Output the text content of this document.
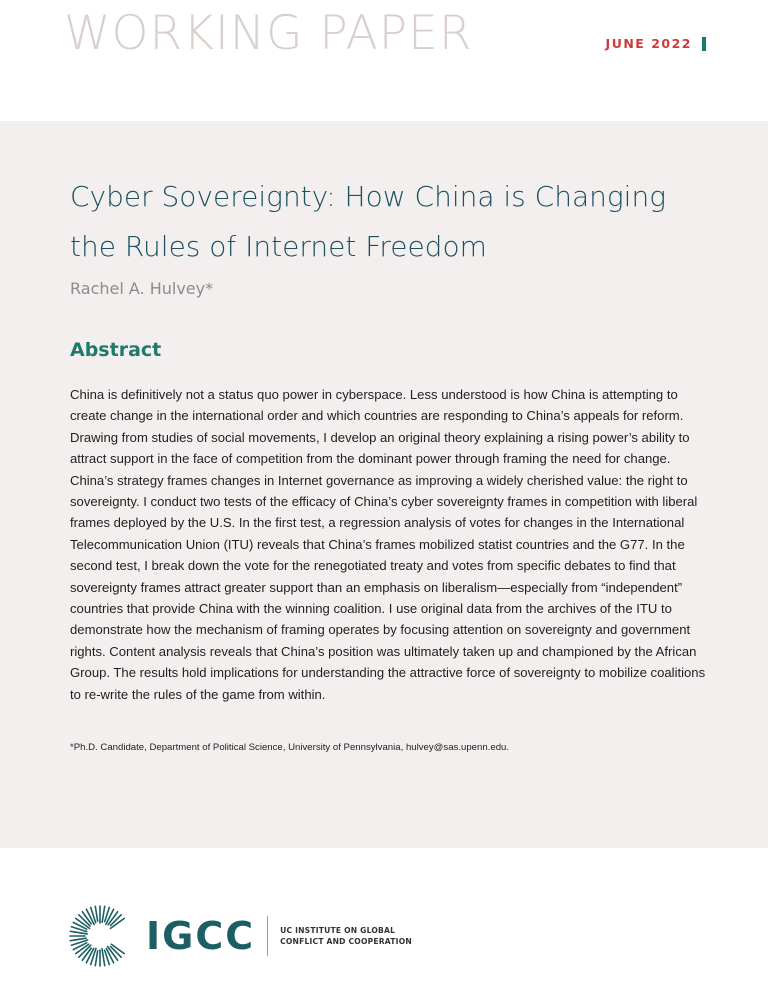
WORKING PAPER	JUNE 2022
Cyber Sovereignty: How China is Changing the Rules of Internet Freedom
Rachel A. Hulvey*
Abstract

China is definitively not a status quo power in cyberspace. Less understood is how China is attempting to create change in the international order and which countries are responding to China’s appeals for reform. Drawing from studies of social movements, I develop an original theory explaining a rising power’s ability to attract support in the face of competition from the dominant power through framing the need for change. China’s strategy frames changes in Internet governance as improving a widely cherished value: the right to sovereignty. I conduct two tests of the efficacy of China’s cyber sovereignty frames in competition with liberal frames deployed by the U.S. In the first test, a regression analysis of votes for changes in the International Telecommunication Union (ITU) reveals that China’s frames mobilized statist countries and the G77. In the second test, I break down the vote for the renegotiated treaty and votes from specific debates to find that sovereignty frames attract greater support than an emphasis on liberalism—especially from “independent” countries that provide China with the winning coalition. I use original data from the archives of the ITU to demonstrate how the mechanism of framing operates by focusing attention on sovereignty and government rights. Content analysis reveals that China’s position was ultimately taken up and championed by the African Group. The results hold implications for understanding the attractive force of sovereignty to mobilize coalitions to re-write the rules of the game from within.

*Ph.D. Candidate, Department of Political Science, University of Pennsylvania, hulvey@sas.upenn.edu.

IGCC	UC INSTITUTE ON GLOBAL
CONFLICT AND COOPERATION
